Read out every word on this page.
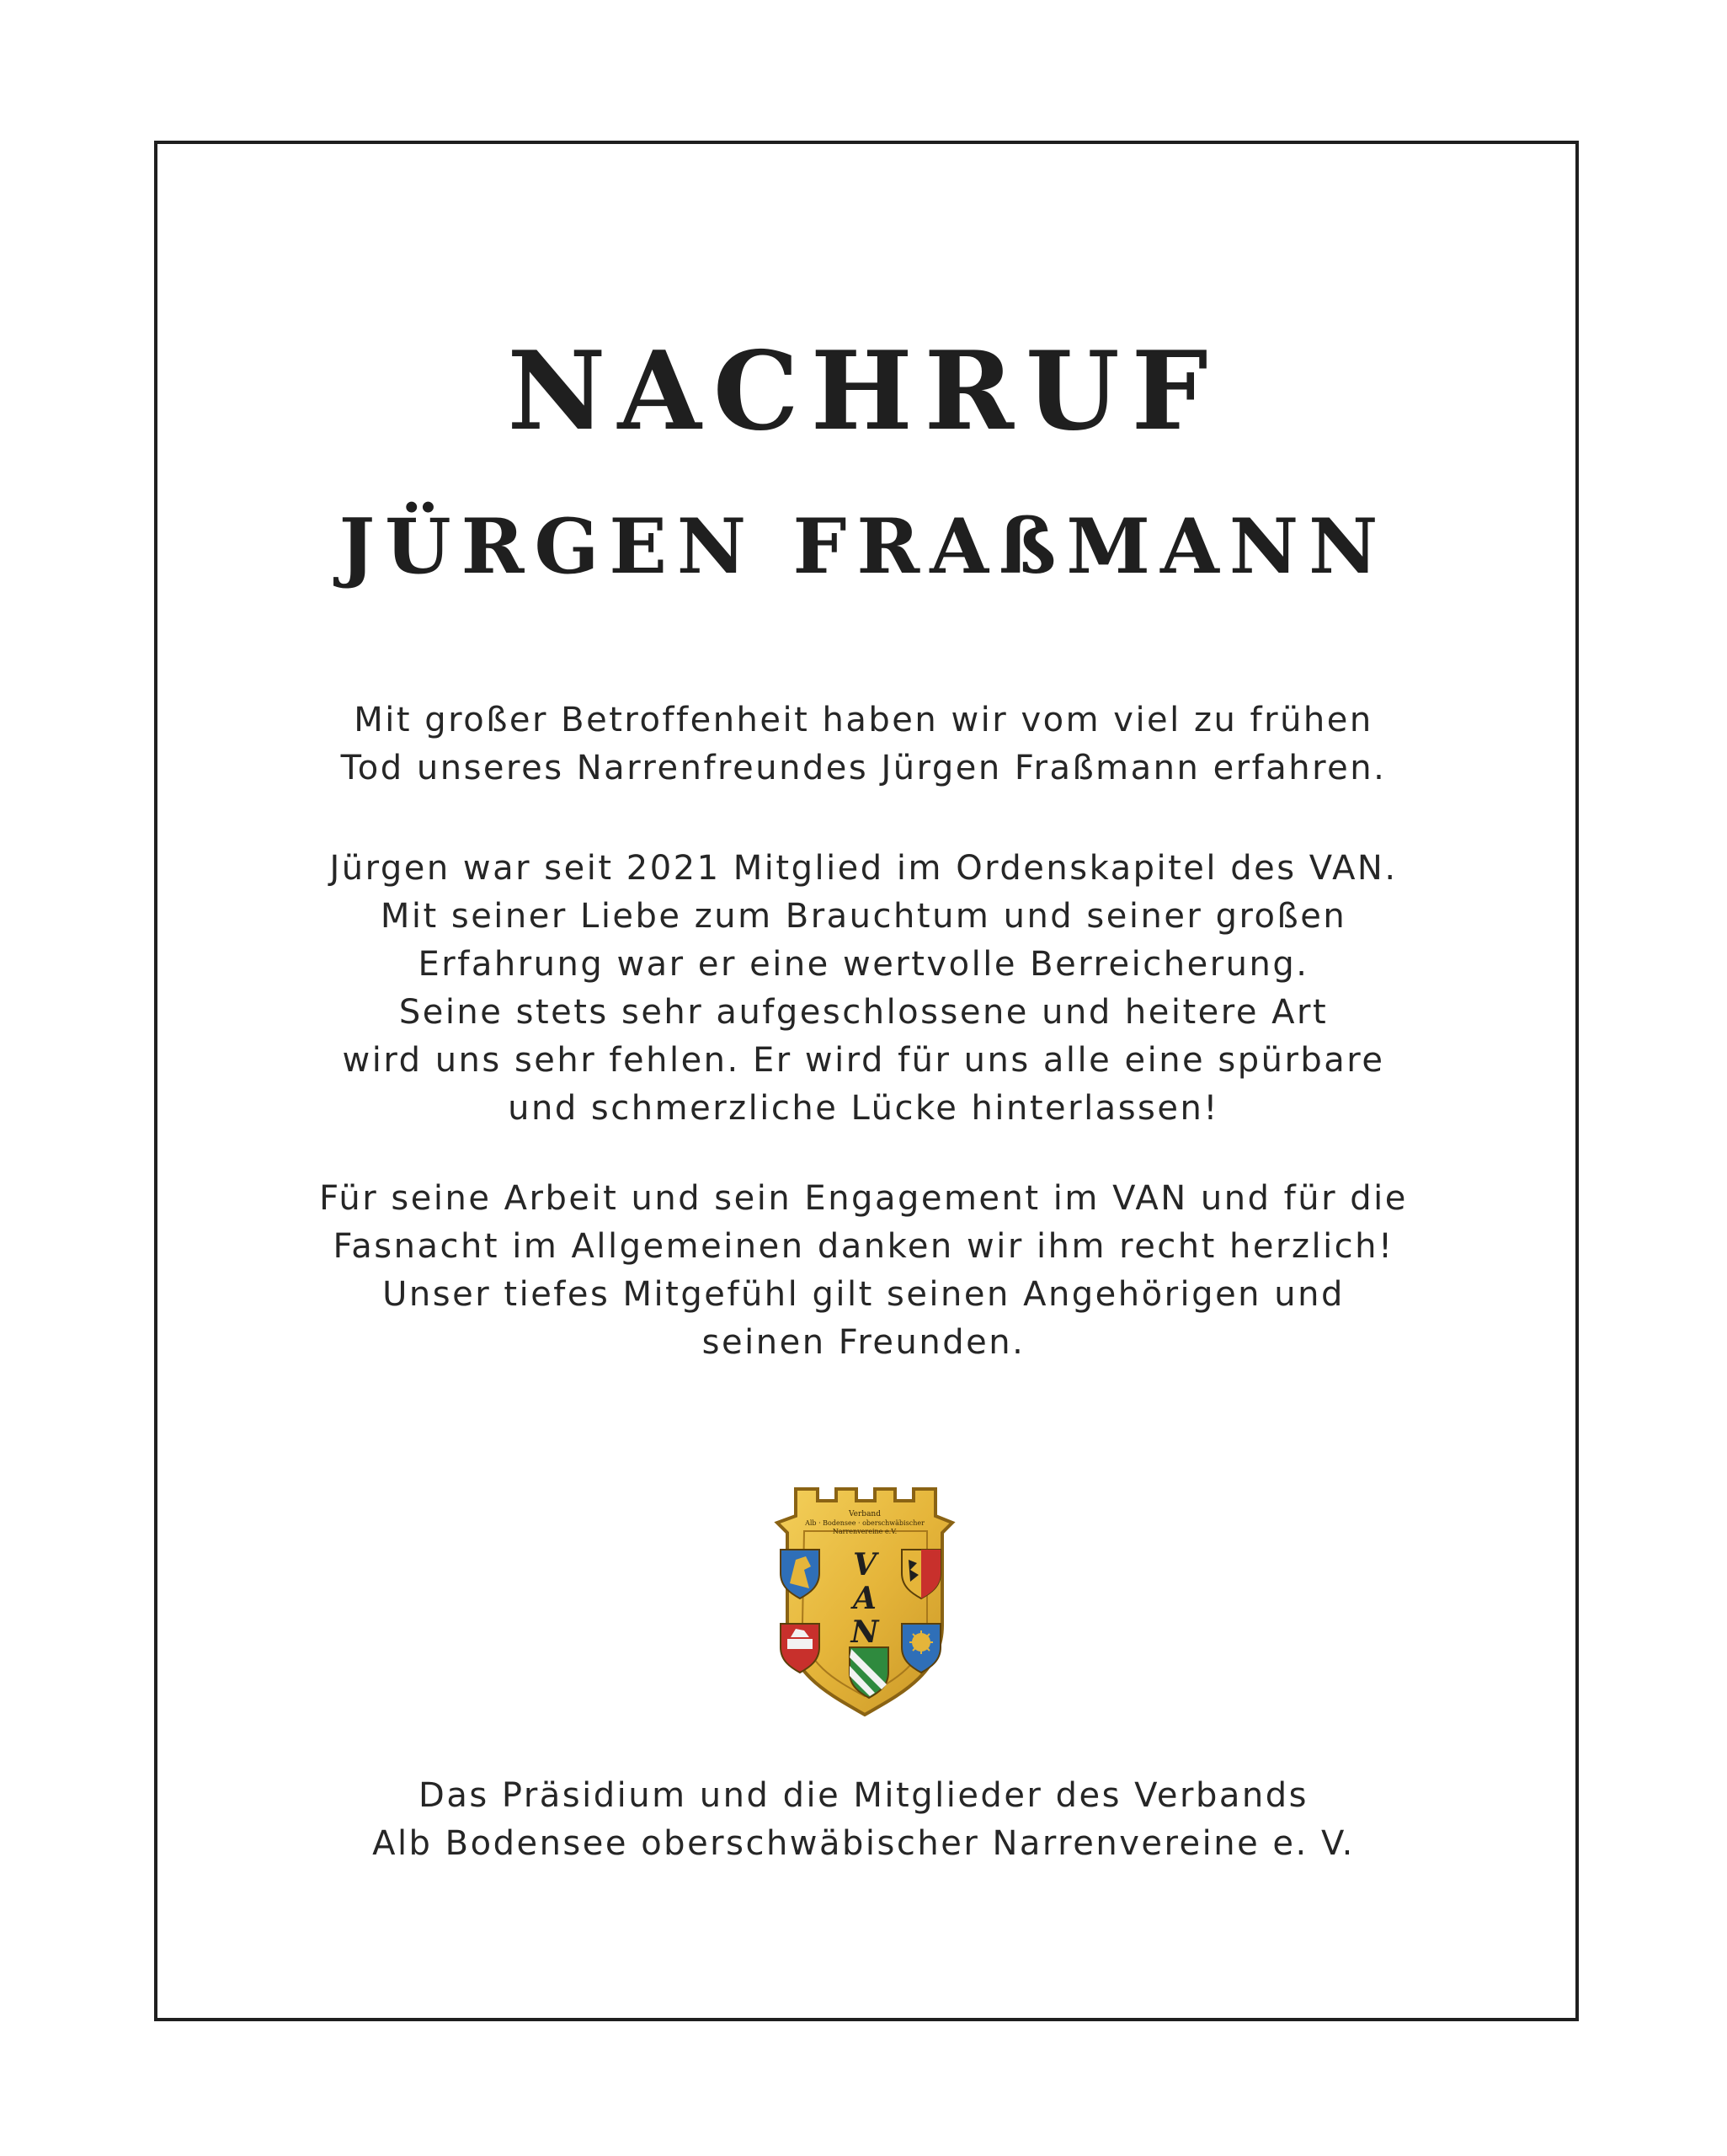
NACHRUF
JÜRGEN FRAßMANN

Mit großer Betroffenheit haben wir vom viel zu frühen
Tod unseres Narrenfreundes Jürgen Fraßmann erfahren.

Jürgen war seit 2021 Mitglied im Ordenskapitel des VAN.
Mit seiner Liebe zum Brauchtum und seiner großen
Erfahrung war er eine wertvolle Berreicherung.
Seine stets sehr aufgeschlossene und heitere Art
wird uns sehr fehlen. Er wird für uns alle eine spürbare
und schmerzliche Lücke hinterlassen!

Für seine Arbeit und sein Engagement im VAN und für die
Fasnacht im Allgemeinen danken wir ihm recht herzlich!
Unser tiefes Mitgefühl gilt seinen Angehörigen und
seinen Freunden.

Verband
Alb · Bodensee · oberschwäbischer
Narrenvereine e.V.
V
A
N

Das Präsidium und die Mitglieder des Verbands
Alb Bodensee oberschwäbischer Narrenvereine e. V.
